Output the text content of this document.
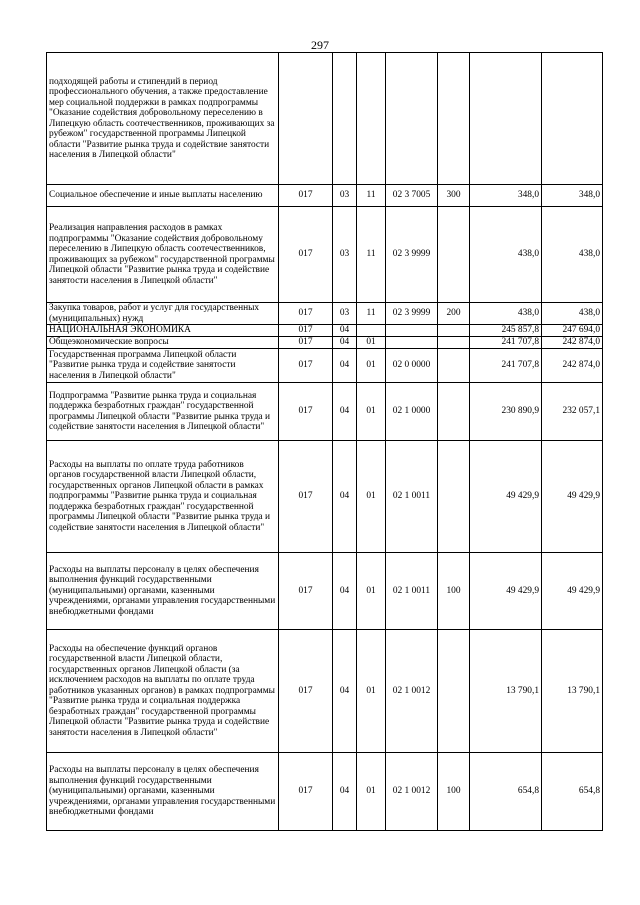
297
подходящей работы и стипендий в период профессионального обучения, а также предоставление мер социальной поддержки в рамках подпрограммы "Оказание содействия добровольному переселению в Липецкую область соотечественников, проживающих за рубежом" государственной программы Липецкой области "Развитие рынка труда и содействие занятости населения в Липецкой области"							
Социальное обеспечение и иные выплаты населению	017	03	11	02 3 7005	300	348,0	348,0
Реализация направления расходов в рамках подпрограммы "Оказание содействия добровольному переселению в Липецкую область соотечественников, проживающих за рубежом" государственной программы Липецкой области "Развитие рынка труда и содействие занятости населения в Липецкой области"	017	03	11	02 3 9999		438,0	438,0
Закупка товаров, работ и услуг для государственных (муниципальных) нужд	017	03	11	02 3 9999	200	438,0	438,0
НАЦИОНАЛЬНАЯ ЭКОНОМИКА	017	04				245 857,8	247 694,0
Общеэкономические вопросы	017	04	01			241 707,8	242 874,0
Государственная программа Липецкой области "Развитие рынка труда и содействие занятости населения в Липецкой области"	017	04	01	02 0 0000		241 707,8	242 874,0
Подпрограмма "Развитие рынка труда и социальная поддержка безработных граждан" государственной программы Липецкой области "Развитие рынка труда и содействие занятости населения в Липецкой области"	017	04	01	02 1 0000		230 890,9	232 057,1
Расходы на выплаты по оплате труда работников органов государственной власти Липецкой области, государственных органов Липецкой области в рамках подпрограммы "Развитие рынка труда и социальная поддержка безработных граждан" государственной программы Липецкой области "Развитие рынка труда и содействие занятости населения в Липецкой области"	017	04	01	02 1 0011		49 429,9	49 429,9
Расходы на выплаты персоналу в целях обеспечения выполнения функций государственными (муниципальными) органами, казенными учреждениями, органами управления государственными внебюджетными фондами	017	04	01	02 1 0011	100	49 429,9	49 429,9
Расходы на обеспечение функций органов государственной власти Липецкой области, государственных органов Липецкой области (за исключением расходов на выплаты по оплате труда работников указанных органов) в рамках подпрограммы "Развитие рынка труда и социальная поддержка безработных граждан" государственной программы Липецкой области "Развитие рынка труда и содействие занятости населения в Липецкой области"	017	04	01	02 1 0012		13 790,1	13 790,1
Расходы на выплаты персоналу в целях обеспечения выполнения функций государственными (муниципальными) органами, казенными учреждениями, органами управления государственными внебюджетными фондами	017	04	01	02 1 0012	100	654,8	654,8
